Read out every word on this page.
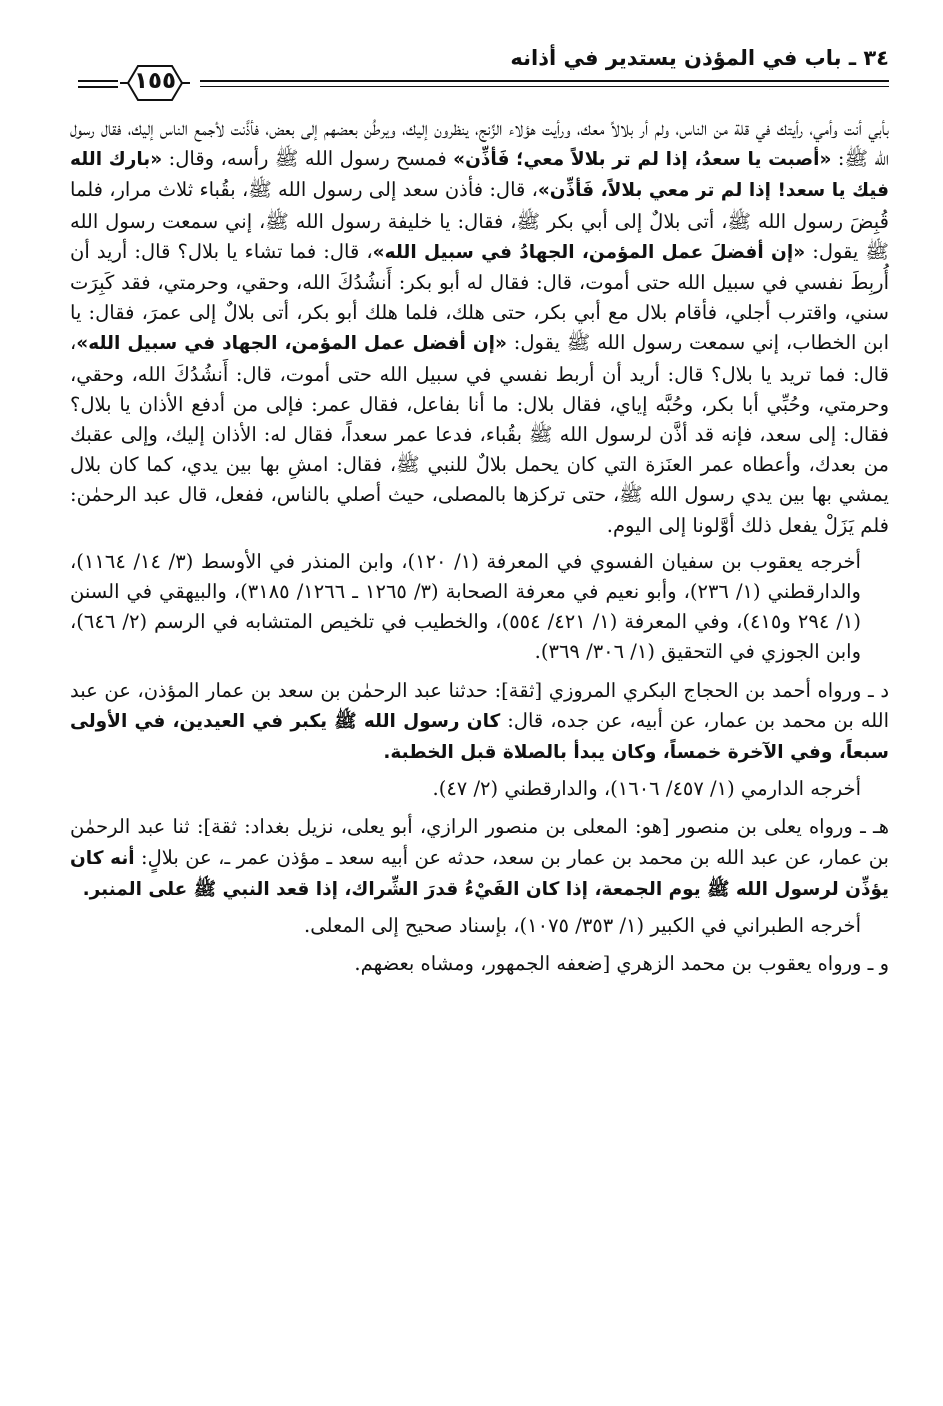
٣٤ ـ باب في المؤذن يستدير في أذانه
١٥٥

بأبي أنت وأمي، رأيتك في قلة من الناس، ولم أر بلالاً معك، ورأيت هؤلاء الزِّنج، ينظرون إليك، ويرطُن بعضهم إلى بعض، فأذَّنت لأجمع الناس إليك، فقال رسول الله ﷺ: «أصبت يا سعدُ، إذا لم تر بلالاً معي؛ فَأذِّن» فمسح رسول الله ﷺ رأسه، وقال: «بارك الله فيك يا سعد! إذا لم تر معي بلالاً، فَأذِّن»، قال: فأذن سعد إلى رسول الله ﷺ، بقُباء ثلاث مرار، فلما قُبِضَ رسول الله ﷺ، أتى بلالٌ إلى أبي بكر ﷺ، فقال: يا خليفة رسول الله ﷺ، إني سمعت رسول الله ﷺ يقول: «إن أفضلَ عمل المؤمن، الجهادُ في سبيل الله»، قال: فما تشاء يا بلال؟ قال: أريد أن أُربِطَ نفسي في سبيل الله حتى أموت، قال: فقال له أبو بكر: أَنشُدُكَ الله، وحقي، وحرمتي، فقد كَبِرَت سني، واقترب أجلي، فأقام بلال مع أبي بكر، حتى هلك، فلما هلك أبو بكر، أتى بلالٌ إلى عمرَ، فقال: يا ابن الخطاب، إني سمعت رسول الله ﷺ يقول: «إن أفضل عمل المؤمن، الجهاد في سبيل الله»، قال: فما تريد يا بلال؟ قال: أريد أن أربط نفسي في سبيل الله حتى أموت، قال: أَنشُدُكَ الله، وحقي، وحرمتي، وحُبِّي أبا بكر، وحُبَّه إياي، فقال بلال: ما أنا بفاعل، فقال عمر: فإلى من أدفع الأذان يا بلال؟ فقال: إلى سعد، فإنه قد أذَّن لرسول الله ﷺ بقُباء، فدعا عمر سعداً، فقال له: الأذان إليك، وإلى عقبك من بعدك، وأعطاه عمر العنَزة التي كان يحمل بلالٌ للنبي ﷺ، فقال: امشِ بها بين يدي، كما كان بلال يمشي بها بين يدي رسول الله ﷺ، حتى تركزها بالمصلى، حيث أصلي بالناس، ففعل، قال عبد الرحمٰن: فلم يَزَلْ يفعل ذلك أوَّلونا إلى اليوم.

أخرجه يعقوب بن سفيان الفسوي في المعرفة (١/ ١٢٠)، وابن المنذر في الأوسط (٣/ ١٤/ ١١٦٤)، والدارقطني (١/ ٢٣٦)، وأبو نعيم في معرفة الصحابة (٣/ ١٢٦٥ ـ ١٢٦٦/ ٣١٨٥)، والبيهقي في السنن (١/ ٢٩٤ و٤١٥)، وفي المعرفة (١/ ٤٢١/ ٥٥٤)، والخطيب في تلخيص المتشابه في الرسم (٢/ ٦٤٦)، وابن الجوزي في التحقيق (١/ ٣٠٦/ ٣٦٩).

د ـ ورواه أحمد بن الحجاج البكري المروزي [ثقة]: حدثنا عبد الرحمٰن بن سعد بن عمار المؤذن، عن عبد الله بن محمد بن عمار، عن أبيه، عن جده، قال: كان رسول الله ﷺ يكبر في العيدين، في الأولى سبعاً، وفي الآخرة خمساً، وكان يبدأ بالصلاة قبل الخطبة.

أخرجه الدارمي (١/ ٤٥٧/ ١٦٠٦)، والدارقطني (٢/ ٤٧).

هـ ـ ورواه يعلى بن منصور [هو: المعلى بن منصور الرازي، أبو يعلى، نزيل بغداد: ثقة]: ثنا عبد الرحمٰن بن عمار، عن عبد الله بن محمد بن عمار بن سعد، حدثه عن أبيه سعد ـ مؤذن عمر ـ، عن بلالٍ: أنه كان يؤذِّن لرسول الله ﷺ يوم الجمعة، إذا كان الفَيْءُ قدرَ الشِّراك، إذا قعد النبي ﷺ على المنبر.

أخرجه الطبراني في الكبير (١/ ٣٥٣/ ١٠٧٥)، بإسناد صحيح إلى المعلى.

و ـ ورواه يعقوب بن محمد الزهري [ضعفه الجمهور، ومشاه بعضهم.
